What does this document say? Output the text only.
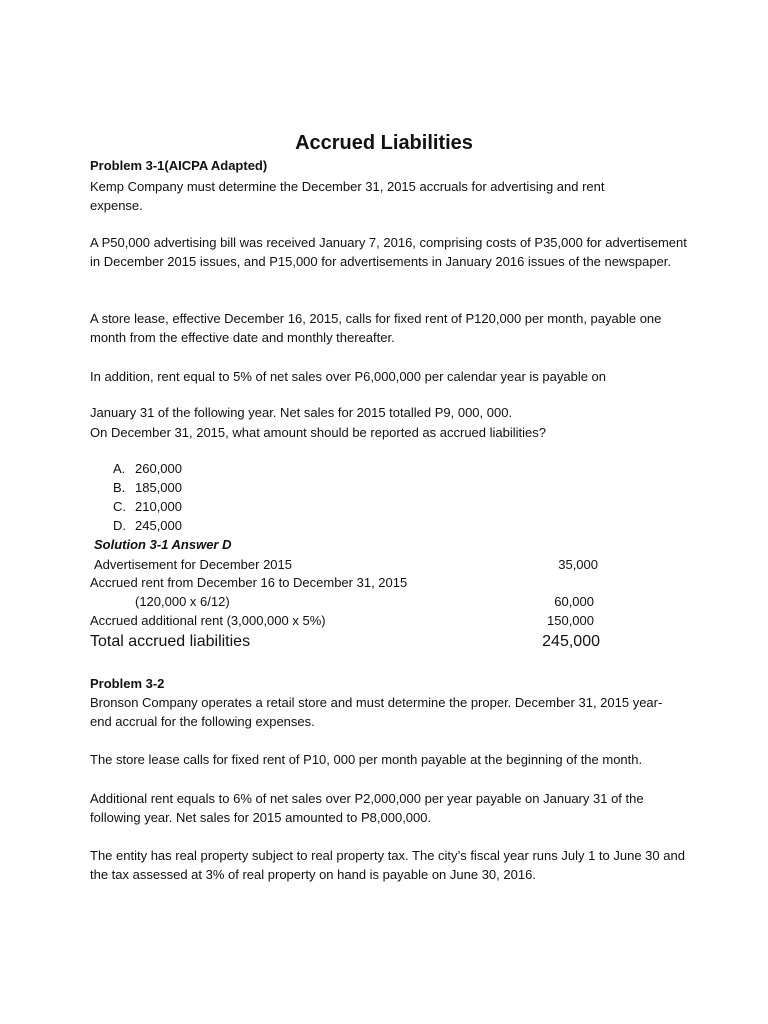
Accrued Liabilities
Problem 3-1(AICPA Adapted)

Kemp Company must determine the December 31, 2015 accruals for advertising and rent expense.

A P50,000 advertising bill was received January 7, 2016, comprising costs of P35,000 for advertisement in December 2015 issues, and P15,000 for advertisements in January 2016 issues of the newspaper.

A store lease, effective December 16, 2015, calls for fixed rent of P120,000 per month, payable one month from the effective date and monthly thereafter.

In addition, rent equal to 5% of net sales over P6,000,000 per calendar year is payable on

January 31 of the following year. Net sales for 2015 totalled P9, 000, 000.

On December 31, 2015, what amount should be reported as accrued liabilities?

A. 260,000
B. 185,000
C. 210,000
D. 245,000
Solution 3-1 Answer D
Advertisement for December 2015	35,000
Accrued rent from December 16 to December 31, 2015
(120,000 x 6/12)	60,000
Accrued additional rent (3,000,000 x 5%)	150,000
Total accrued liabilities	245,000
Problem 3-2

Bronson Company operates a retail store and must determine the proper. December 31, 2015 year-end accrual for the following expenses.

The store lease calls for fixed rent of P10, 000 per month payable at the beginning of the month.

Additional rent equals to 6% of net sales over P2,000,000 per year payable on January 31 of the following year. Net sales for 2015 amounted to P8,000,000.

The entity has real property subject to real property tax. The city’s fiscal year runs July 1 to June 30 and the tax assessed at 3% of real property on hand is payable on June 30, 2016.
